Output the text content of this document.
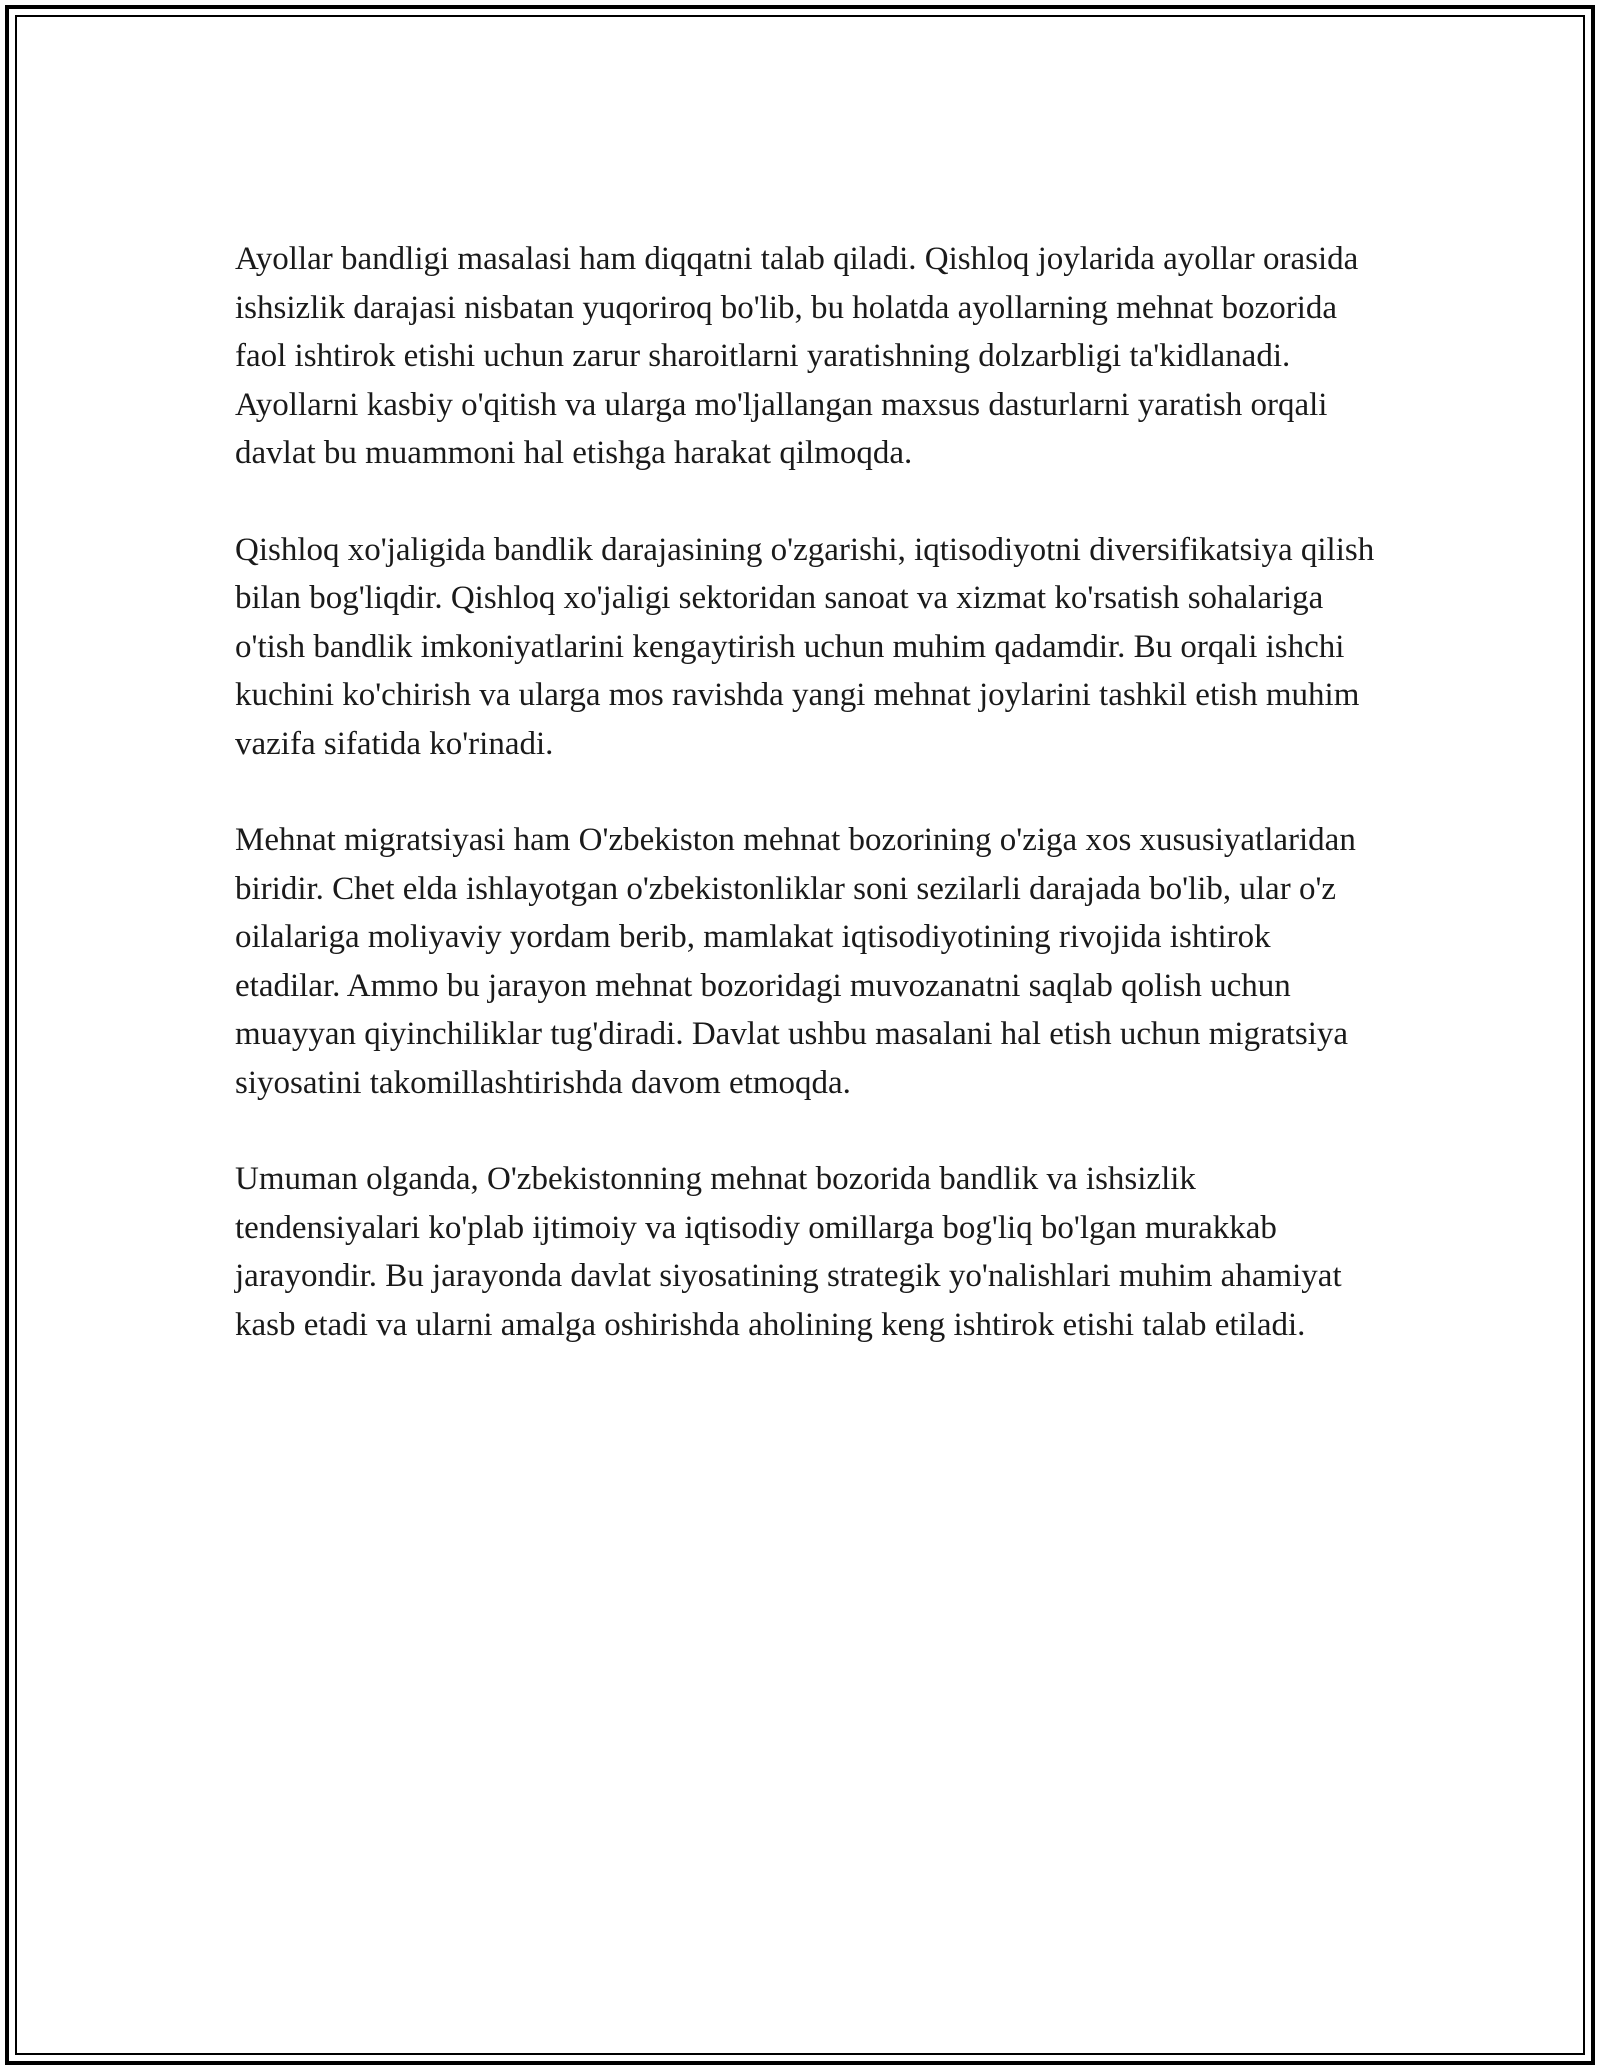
Ayollar bandligi masalasi ham diqqatni talab qiladi. Qishloq joylarida ayollar orasida ishsizlik darajasi nisbatan yuqoriroq bo'lib, bu holatda ayollarning mehnat bozorida faol ishtirok etishi uchun zarur sharoitlarni yaratishning dolzarbligi ta'kidlanadi. Ayollarni kasbiy o'qitish va ularga mo'ljallangan maxsus dasturlarni yaratish orqali davlat bu muammoni hal etishga harakat qilmoqda.

Qishloq xo'jaligida bandlik darajasining o'zgarishi, iqtisodiyotni diversifikatsiya qilish bilan bog'liqdir. Qishloq xo'jaligi sektoridan sanoat va xizmat ko'rsatish sohalariga o'tish bandlik imkoniyatlarini kengaytirish uchun muhim qadamdir. Bu orqali ishchi kuchini ko'chirish va ularga mos ravishda yangi mehnat joylarini tashkil etish muhim vazifa sifatida ko'rinadi.

Mehnat migratsiyasi ham O'zbekiston mehnat bozorining o'ziga xos xususiyatlaridan biridir. Chet elda ishlayotgan o'zbekistonliklar soni sezilarli darajada bo'lib, ular o'z oilalariga moliyaviy yordam berib, mamlakat iqtisodiyotining rivojida ishtirok etadilar. Ammo bu jarayon mehnat bozoridagi muvozanatni saqlab qolish uchun muayyan qiyinchiliklar tug'diradi. Davlat ushbu masalani hal etish uchun migratsiya siyosatini takomillashtirishda davom etmoqda.

Umuman olganda, O'zbekistonning mehnat bozorida bandlik va ishsizlik tendensiyalari ko'plab ijtimoiy va iqtisodiy omillarga bog'liq bo'lgan murakkab jarayondir. Bu jarayonda davlat siyosatining strategik yo'nalishlari muhim ahamiyat kasb etadi va ularni amalga oshirishda aholining keng ishtirok etishi talab etiladi.
